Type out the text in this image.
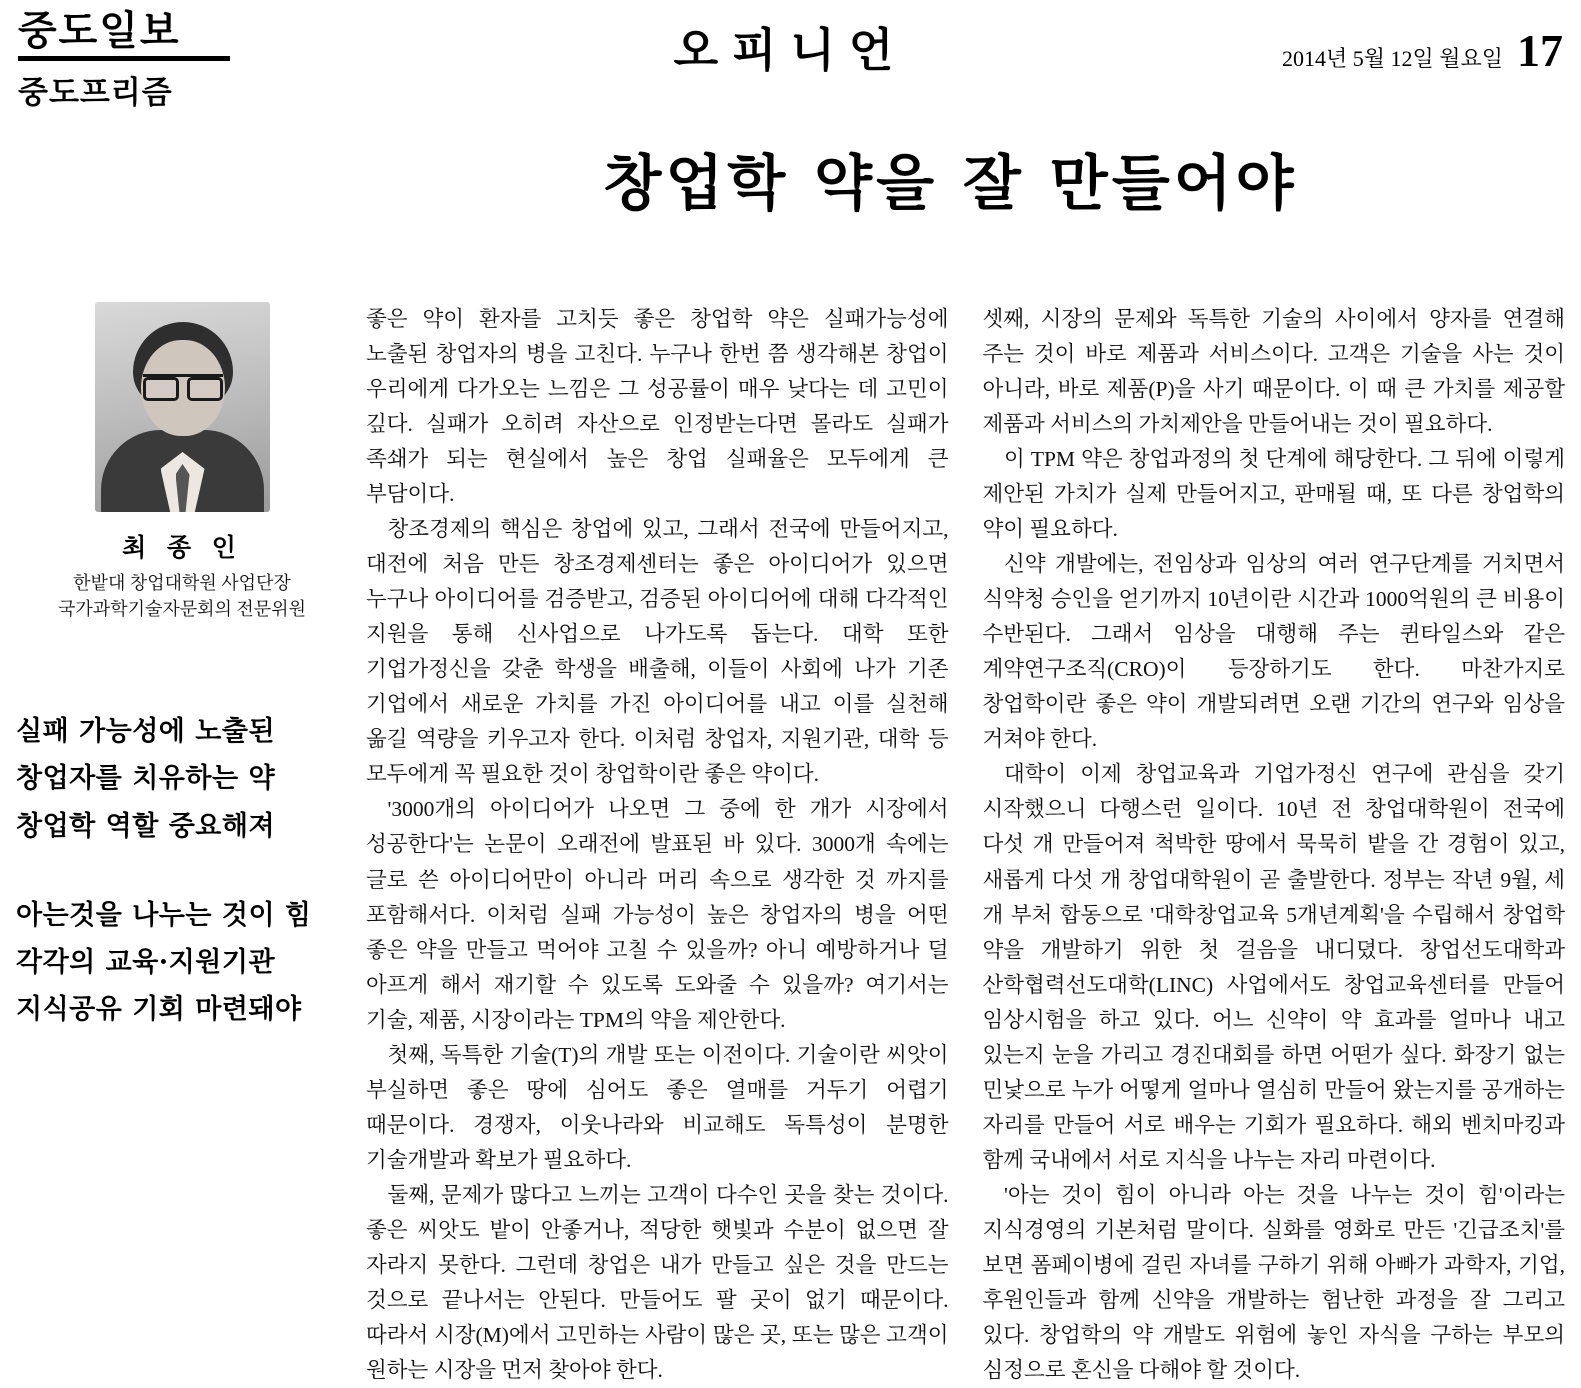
중도일보
중도프리즘
오피니언	2014년 5월 12일 월요일 17
창업학 약을 잘 만들어야
최 종 인
한밭대 창업대학원 사업단장
국가과학기술자문회의 전문위원
실패 가능성에 노출된
창업자를 치유하는 약
창업학 역할 중요해져
아는것을 나누는 것이 힘
각각의 교육·지원기관
지식공유 기회 마련돼야

좋은 약이 환자를 고치듯 좋은 창업학 약은 실패가능성에 노출된 창업자의 병을 고친다. 누구나 한번 쯤 생각해본 창업이 우리에게 다가오는 느낌은 그 성공률이 매우 낮다는 데 고민이 깊다. 실패가 오히려 자산으로 인정받는다면 몰라도 실패가 족쇄가 되는 현실에서 높은 창업 실패율은 모두에게 큰 부담이다.

창조경제의 핵심은 창업에 있고, 그래서 전국에 만들어지고, 대전에 처음 만든 창조경제센터는 좋은 아이디어가 있으면 누구나 아이디어를 검증받고, 검증된 아이디어에 대해 다각적인 지원을 통해 신사업으로 나가도록 돕는다. 대학 또한 기업가정신을 갖춘 학생을 배출해, 이들이 사회에 나가 기존 기업에서 새로운 가치를 가진 아이디어를 내고 이를 실천해 옮길 역량을 키우고자 한다. 이처럼 창업자, 지원기관, 대학 등 모두에게 꼭 필요한 것이 창업학이란 좋은 약이다.

'3000개의 아이디어가 나오면 그 중에 한 개가 시장에서 성공한다'는 논문이 오래전에 발표된 바 있다. 3000개 속에는 글로 쓴 아이디어만이 아니라 머리 속으로 생각한 것 까지를 포함해서다. 이처럼 실패 가능성이 높은 창업자의 병을 어떤 좋은 약을 만들고 먹어야 고칠 수 있을까? 아니 예방하거나 덜 아프게 해서 재기할 수 있도록 도와줄 수 있을까? 여기서는 기술, 제품, 시장이라는 TPM의 약을 제안한다.

첫째, 독특한 기술(T)의 개발 또는 이전이다. 기술이란 씨앗이 부실하면 좋은 땅에 심어도 좋은 열매를 거두기 어렵기 때문이다. 경쟁자, 이웃나라와 비교해도 독특성이 분명한 기술개발과 확보가 필요하다.

둘째, 문제가 많다고 느끼는 고객이 다수인 곳을 찾는 것이다. 좋은 씨앗도 밭이 안좋거나, 적당한 햇빛과 수분이 없으면 잘 자라지 못한다. 그런데 창업은 내가 만들고 싶은 것을 만드는 것으로 끝나서는 안된다. 만들어도 팔 곳이 없기 때문이다. 따라서 시장(M)에서 고민하는 사람이 많은 곳, 또는 많은 고객이 원하는 시장을 먼저 찾아야 한다.

셋째, 시장의 문제와 독특한 기술의 사이에서 양자를 연결해 주는 것이 바로 제품과 서비스이다. 고객은 기술을 사는 것이 아니라, 바로 제품(P)을 사기 때문이다. 이 때 큰 가치를 제공할 제품과 서비스의 가치제안을 만들어내는 것이 필요하다.

이 TPM 약은 창업과정의 첫 단계에 해당한다. 그 뒤에 이렇게 제안된 가치가 실제 만들어지고, 판매될 때, 또 다른 창업학의 약이 필요하다.

신약 개발에는, 전임상과 임상의 여러 연구단계를 거치면서 식약청 승인을 얻기까지 10년이란 시간과 1000억원의 큰 비용이 수반된다. 그래서 임상을 대행해 주는 퀸타일스와 같은 계약연구조직(CRO)이 등장하기도 한다. 마찬가지로 창업학이란 좋은 약이 개발되려면 오랜 기간의 연구와 임상을 거쳐야 한다.

대학이 이제 창업교육과 기업가정신 연구에 관심을 갖기 시작했으니 다행스런 일이다. 10년 전 창업대학원이 전국에 다섯 개 만들어져 척박한 땅에서 묵묵히 밭을 간 경험이 있고, 새롭게 다섯 개 창업대학원이 곧 출발한다. 정부는 작년 9월, 세 개 부처 합동으로 '대학창업교육 5개년계획'을 수립해서 창업학 약을 개발하기 위한 첫 걸음을 내디뎠다. 창업선도대학과 산학협력선도대학(LINC) 사업에서도 창업교육센터를 만들어 임상시험을 하고 있다. 어느 신약이 약 효과를 얼마나 내고 있는지 눈을 가리고 경진대회를 하면 어떤가 싶다. 화장기 없는 민낯으로 누가 어떻게 얼마나 열심히 만들어 왔는지를 공개하는 자리를 만들어 서로 배우는 기회가 필요하다. 해외 벤치마킹과 함께 국내에서 서로 지식을 나누는 자리 마련이다.

'아는 것이 힘이 아니라 아는 것을 나누는 것이 힘'이라는 지식경영의 기본처럼 말이다. 실화를 영화로 만든 '긴급조치'를 보면 폼페이병에 걸린 자녀를 구하기 위해 아빠가 과학자, 기업, 후원인들과 함께 신약을 개발하는 험난한 과정을 잘 그리고 있다. 창업학의 약 개발도 위험에 놓인 자식을 구하는 부모의 심정으로 혼신을 다해야 할 것이다.
